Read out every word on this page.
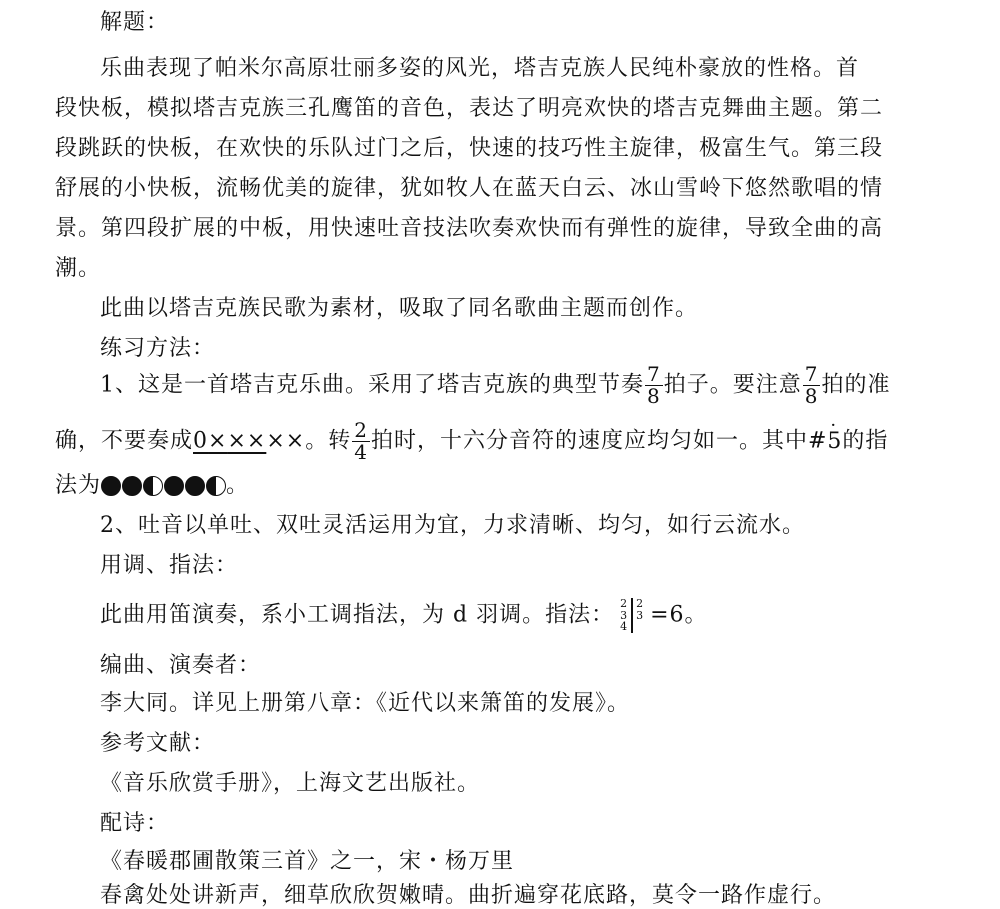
解题：
乐曲表现了帕米尔高原壮丽多姿的风光，塔吉克族人民纯朴豪放的性格。首
段快板，模拟塔吉克族三孔鹰笛的音色，表达了明亮欢快的塔吉克舞曲主题。第二
段跳跃的快板，在欢快的乐队过门之后，快速的技巧性主旋律，极富生气。第三段
舒展的小快板，流畅优美的旋律，犹如牧人在蓝天白云、冰山雪岭下悠然歌唱的情
景。第四段扩展的中板，用快速吐音技法吹奏欢快而有弹性的旋律，导致全曲的高
潮。
此曲以塔吉克族民歌为素材，吸取了同名歌曲主题而创作。
练习方法：
1、这是一首塔吉克乐曲。采用了塔吉克族的典型节奏 $\frac{7}{8}$ 拍子。要注意 $\frac{7}{8}$ 拍的准
确，不要奏成0×××××。转 $\frac{2}{4}$ 拍时，十六分音符的速度应均匀如一。其中#· 5的指
法为	。
2、吐音以单吐、双吐灵活运用为宜，力求清晰、均匀，如行云流水。
用调、指法：
此曲用笛演奏，系小工调指法，为 d 羽调。指法： 2
3
4
2
3 =6。
编曲、演奏者：
李大同。详见上册第八章：《近代以来箫笛的发展》。
参考文献：
《音乐欣赏手册》，上海文艺出版社。
配诗：
《春暖郡圃散策三首》之一，宋・杨万里
春禽处处讲新声，细草欣欣贺嫩晴。曲折遍穿花底路，莫令一路作虚行。
